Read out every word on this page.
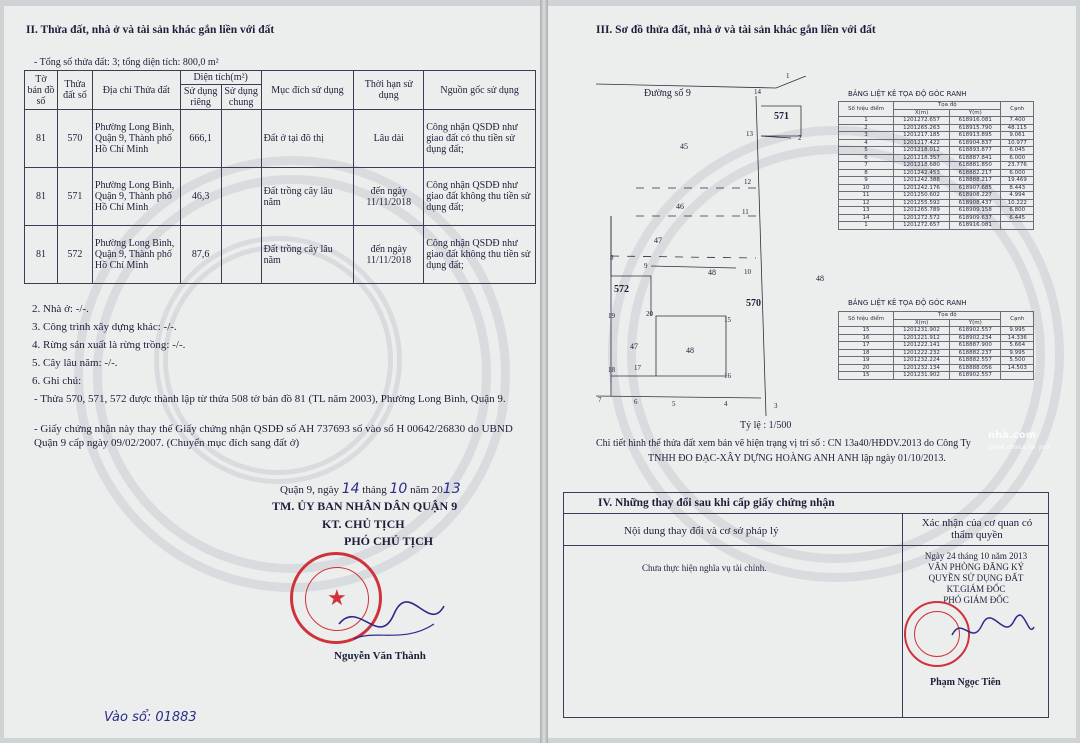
II. Thửa đất, nhà ở và tài sản khác gắn liền với đất
- Tổng số thửa đất: 3; tổng diện tích: 800,0 m²
Tờ bản đồ số	Thửa đất số	Địa chỉ Thửa đất	Diện tích(m²)		Mục đích sử dụng	Thời hạn sử dụng	Nguồn gốc sử dụng
			Sử dụng riêng	Sử dụng chung			
81	570	Phường Long Bình, Quận 9, Thành phố Hồ Chí Minh	666,1		Đất ở tại đô thị	Lâu dài	Công nhận QSDĐ như giao đất có thu tiền sử dụng đất;
81	571	Phường Long Bình, Quận 9, Thành phố Hồ Chí Minh	46,3		Đất trồng cây lâu năm	đến ngày 11/11/2018	Công nhận QSDĐ như giao đất không thu tiền sử dụng đất;
81	572	Phường Long Bình, Quận 9, Thành phố Hồ Chí Minh	87,6		Đất trồng cây lâu năm	đến ngày 11/11/2018	Công nhận QSDĐ như giao đất không thu tiền sử dụng đất;
2. Nhà ở: -/-.
3. Công trình xây dựng khác: -/-.
4. Rừng sản xuất là rừng trồng: -/-.
5. Cây lâu năm: -/-.
6. Ghi chú:
- Thửa 570, 571, 572 được thành lập từ thửa 508 tờ bản đồ 81 (TL năm 2003), Phường Long Bình, Quận 9.
- Giấy chứng nhận này thay thế Giấy chứng nhận QSDĐ số AH 737693 số vào sổ H 00642/26830 do UBND Quận 9 cấp ngày 09/02/2007. (Chuyển mục đích sang đất ở)
Quận 9, ngày 14 tháng 10 năm 2013
TM. ỦY BAN NHÂN DÂN QUẬN 9
KT. CHỦ TỊCH
PHÓ CHỦ TỊCH
★
Nguyễn Văn Thành
Vào sổ: 01883
III. Sơ đồ thửa đất, nhà ở và tài sản khác gắn liền với đất
Đường số 9
571
570
572
45
46
47
47	48
48
48
14
13	2
12
11
8
9
10
19	20
15
18	17
16
7	6	5	4	3
1
Tỷ lệ : 1/500
Chi tiết hình thể thửa đất xem bản vẽ hiện trạng vị trí số : CN 13a40/HĐDV.2013 do Công Ty
TNHH ĐO ĐẠC-XÂY DỰNG HOÀNG ANH ANH lập ngày 01/10/2013.
BẢNG LIỆT KÊ TỌA ĐỘ GÓC RANH
Số hiệu điểm	Tọa độ		Cạnh
	X(m)	Y(m)	
1	1201272.657	618916.081	7.400
2	1201265.263	618915.790	48.115
3	1201217.185	618913.895	9.061
4	1201217.422	618904.837	10.977
5	1201218.012	618893.877	6.045
6	1201218.357	618887.841	6.000
7	1201218.680	618881.850	23.776
8	1201242.453	618882.217	6.000
9	1201242.388	618888.217	19.469
10	1201242.176	618907.685	8.443
11	1201250.602	618908.227	4.994
12	1201255.592	618908.437	10.222
13	1201265.789	618909.158	6.800
14	1201272.572	618909.637	6.445
1	1201272.657	618916.081	
BẢNG LIỆT KÊ TỌA ĐỘ GÓC RANH
Số hiệu điểm	Tọa độ		Cạnh
	X(m)	Y(m)	
15	1201231.902	618902.557	9.995
16	1201221.912	618902.234	14.336
17	1201222.141	618887.900	5.664
18	1201222.232	618882.237	9.995
19	1201232.224	618882.557	5.500
20	1201232.134	618888.056	14.503
15	1201231.902	618902.557	
nhà.com
Great choice for you
IV. Những thay đổi sau khi cấp giấy chứng nhận
Nội dung thay đổi và cơ sở pháp lý
Xác nhận của cơ quan có thẩm quyền
Chưa thực hiện nghĩa vụ tài chính.
Ngày 24 tháng 10 năm 2013
VĂN PHÒNG ĐĂNG KÝ
QUYỀN SỬ DỤNG ĐẤT
KT.GIÁM ĐỐC
PHÓ GIÁM ĐỐC
Phạm Ngọc Tiên
